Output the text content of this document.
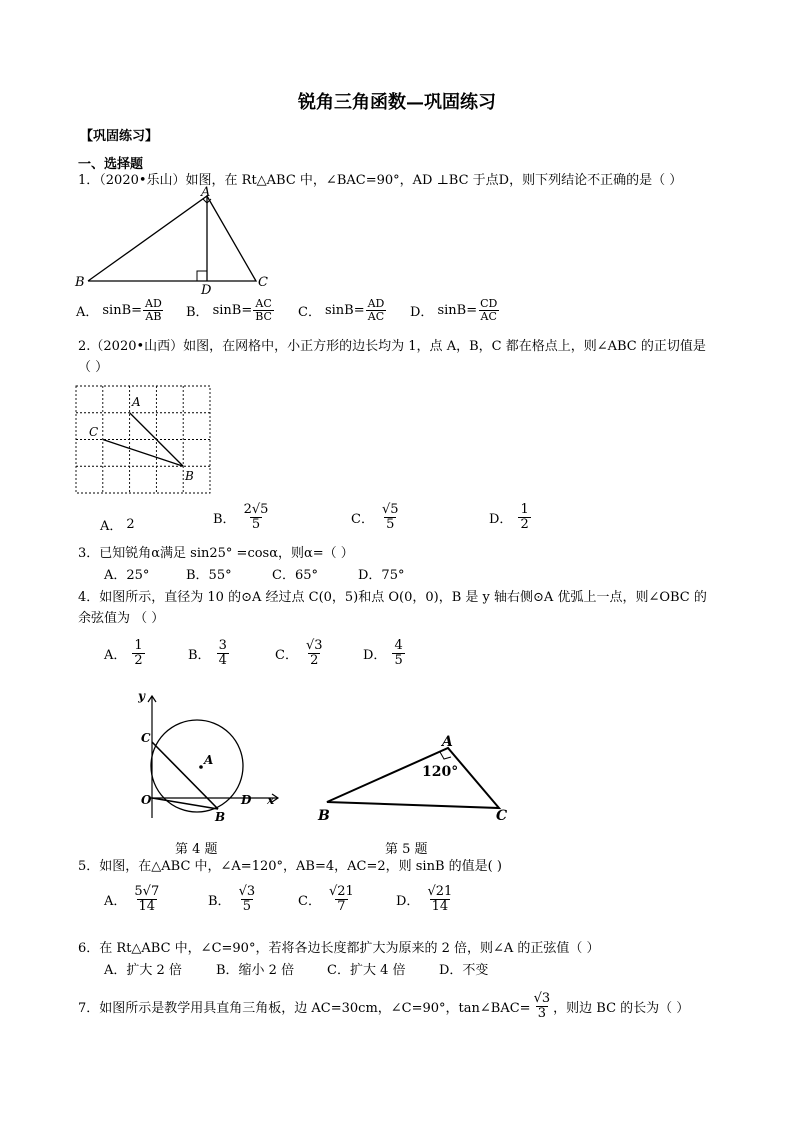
锐角三角函数—巩固练习
【巩固练习】
一、选择题
1．（2020•乐山）如图，在 Rt△ABC 中，∠BAC=90°，AD ⊥BC 于点D，则下列结论不正确的是（ ）
A
B	C
D
A． $\sin B= \frac{AD}{AB}$ B． $\sin B= \frac{AC}{BC}$ C． $\sin B= \frac{AD}{AC}$ D． $\sin B= \frac{CD}{AC}$
2.（2020•山西）如图，在网格中，小正方形的边长均为 1，点 A，B，C 都在格点上，则∠ABC 的正切值是
（ ）
A
C
B
A． 2	B． $\frac{2√5}{5}$	C． $\frac{√5}{5}$	D． $\frac{1}{2}$
3．已知锐角α满足 sin25° =cosα，则α=（ ）
A．25°	B．55°	C．65°	D．75°
4．如图所示，直径为 10 的⊙A 经过点 C(0，5)和点 O(0，0)，B 是 y 轴右侧⊙A 优弧上一点，则∠OBC 的
余弦值为 （ ）
A． $\frac{1}{2}$	B． $\frac{3}{4}$	C． $\frac{√3}{2}$	D． $\frac{4}{5}$
y
x
C
A
O
B
D
第 4 题
A
120°
B	C
第 5 题
5．如图，在△ABC 中，∠A=120°，AB=4，AC=2，则 sinB 的值是( )
A． $\frac{5√7}{14}$	B． $\frac{√3}{5}$	C． $\frac{√21}{7}$	D． $\frac{√21}{14}$
6．在 Rt△ABC 中，∠C=90°，若将各边长度都扩大为原来的 2 倍，则∠A 的正弦值（ ）
A．扩大 2 倍	B．缩小 2 倍	C．扩大 4 倍	D．不变
7．如图所示是教学用具直角三角板，边 AC=30cm，∠C=90°，tan∠BAC= $\frac{√3}{3}$ ，则边 BC 的长为（ ）
